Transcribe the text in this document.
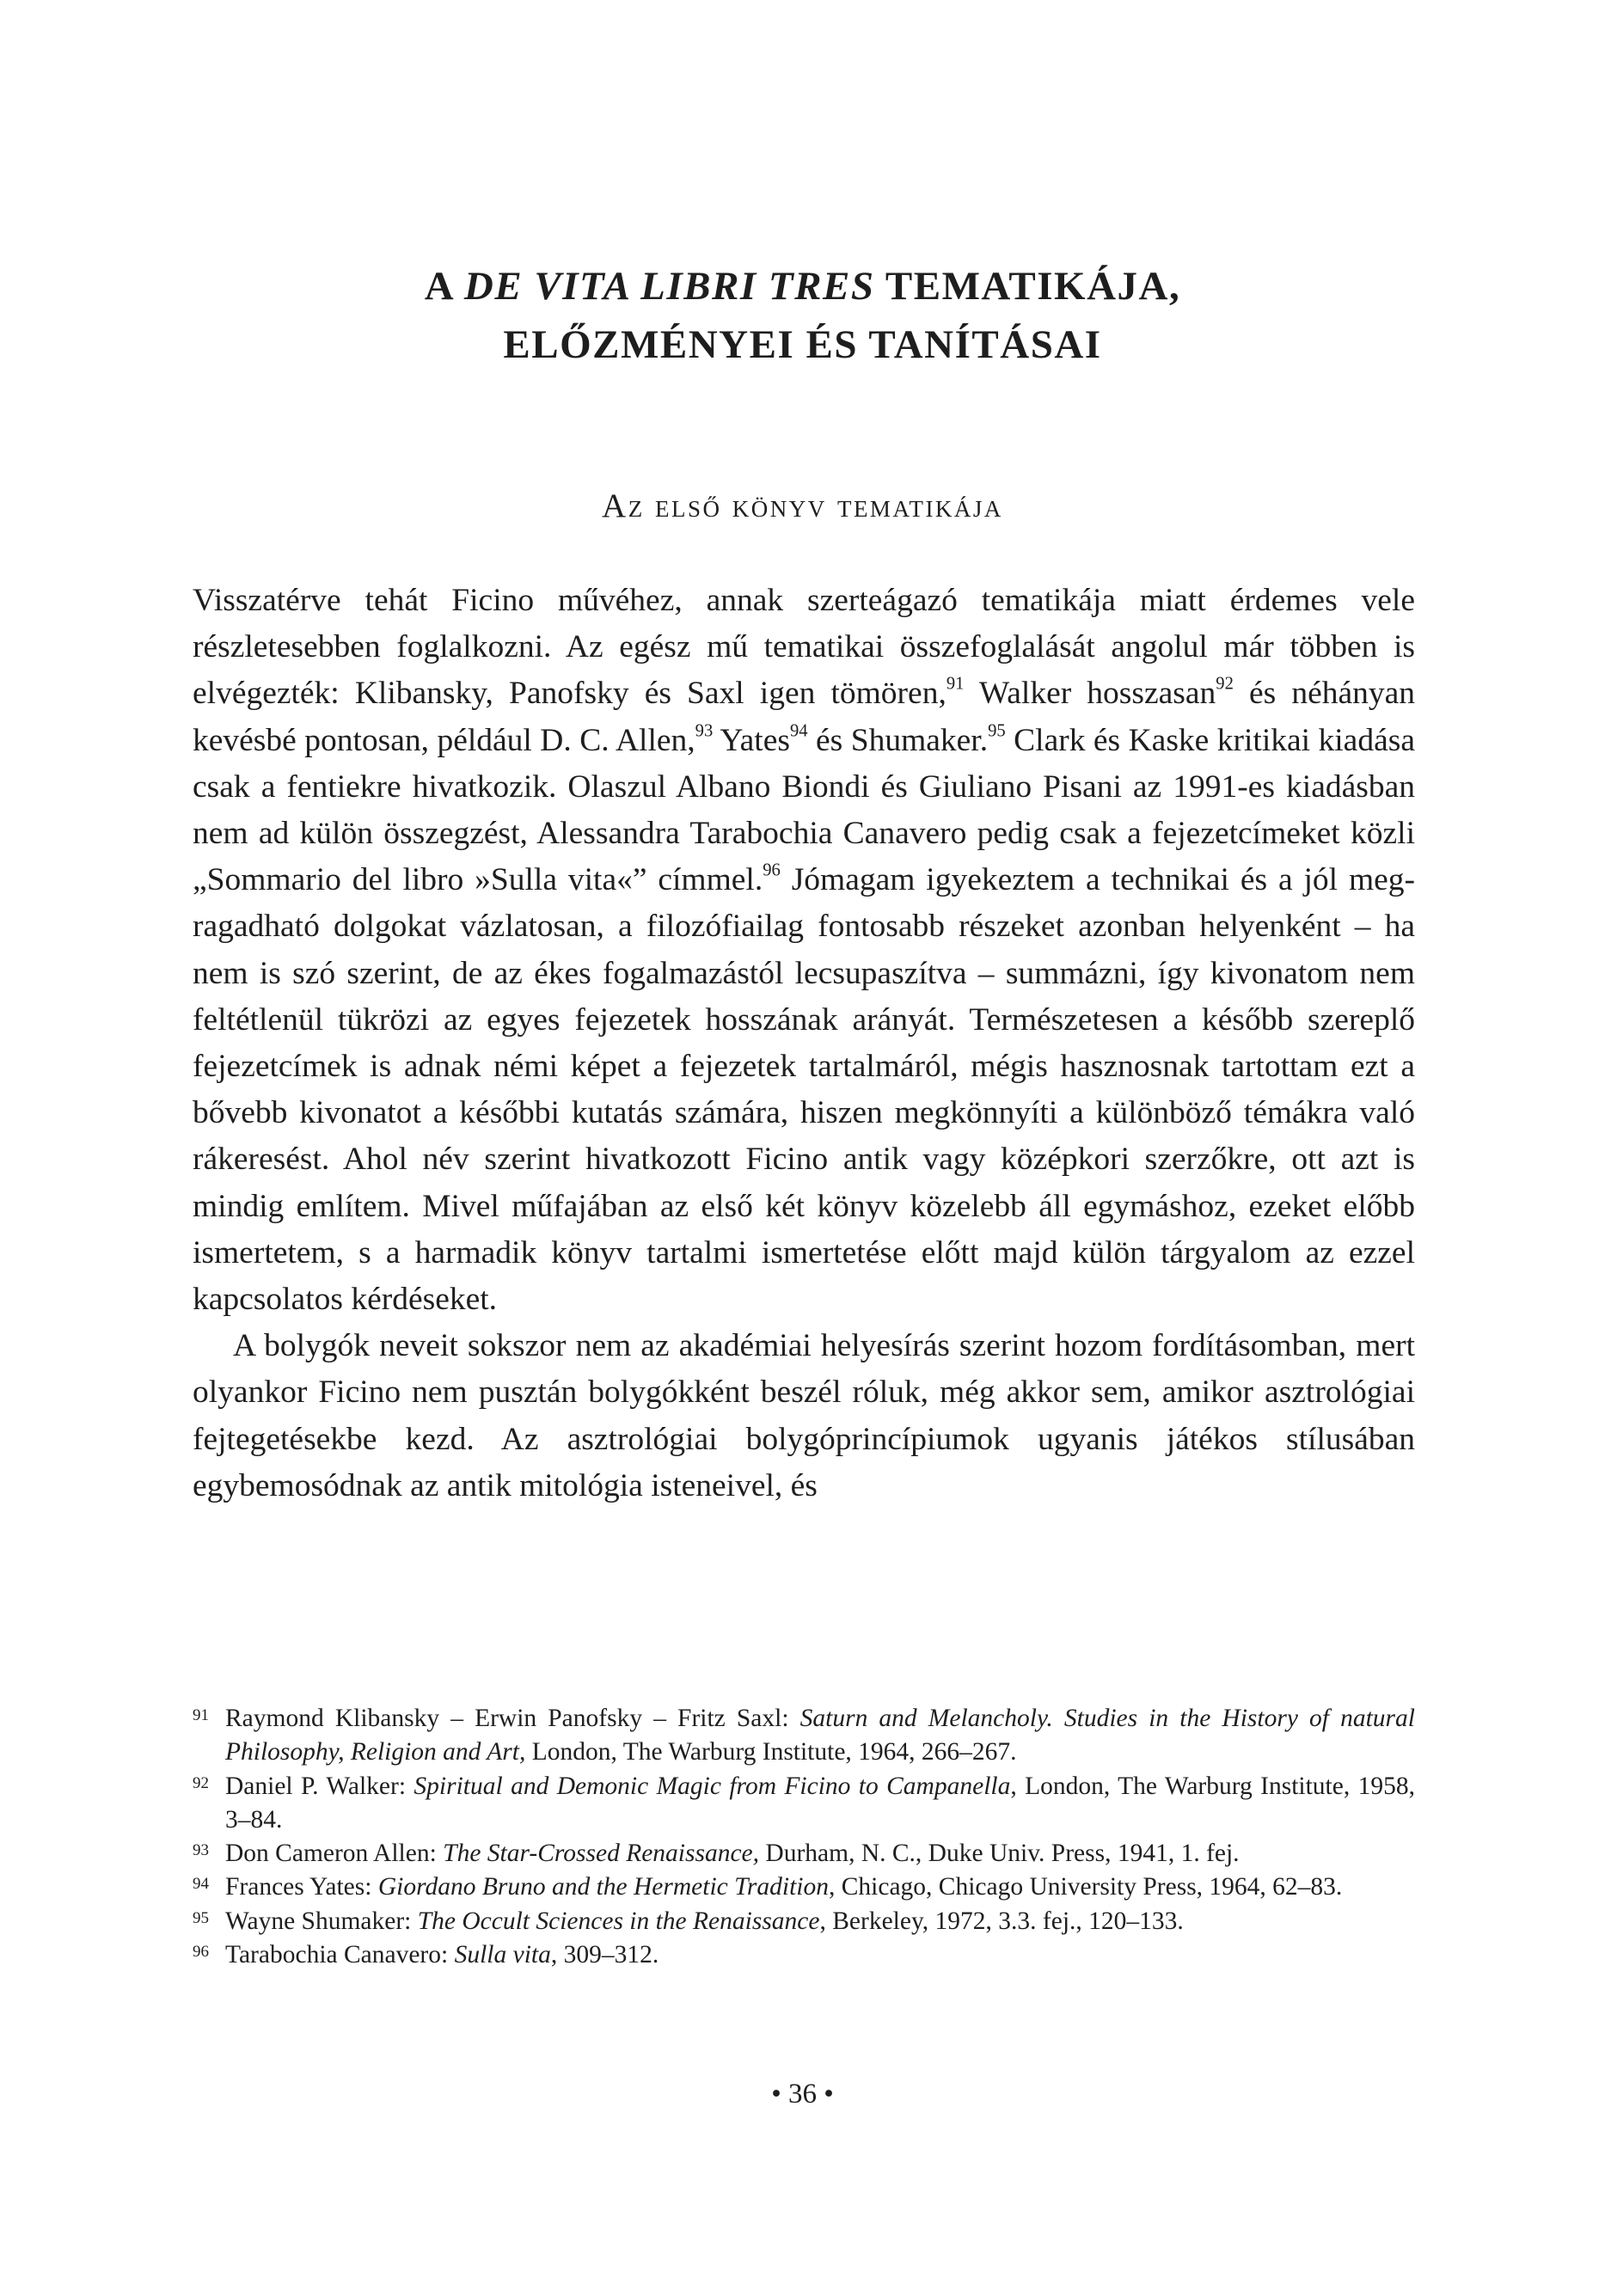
A DE VITA LIBRI TRES TEMATIKÁJA,
ELŐZMÉNYEI ÉS TANÍTÁSAI
Az első könyv tematikája

Visszatérve tehát Ficino művéhez, annak szerteágazó tematikája miatt érdemes vele részletesebben foglalkozni. Az egész mű tematikai összefoglalását angolul már többen is elvégezték: Klibansky, Panofsky és Saxl igen tömören,$^{91}$ Walker hosszasan$^{92}$ és néhányan kevésbé pontosan, például D. C. Allen,$^{93}$ Yates$^{94}$ és Shumaker.$^{95}$ Clark és Kaske kritikai kiadása csak a fentiekre hivatkozik. Olaszul Albano Biondi és Giuliano Pisani az 1991-es kiadásban nem ad külön összegzést, Alessandra Tarabochia Canavero pedig csak a fejezetcímeket közli „Sommario del libro »Sulla vita«” címmel.$^{96}$ Jómagam igyekeztem a technikai és a jól megragadható dolgokat vázlatosan, a filozófiailag fontosabb részeket azonban helyenként – ha nem is szó szerint, de az ékes fogalmazástól lecsupaszítva – summázni, így kivonatom nem feltétlenül tükrözi az egyes fejezetek hosszának arányát. Természetesen a később szereplő fejezetcímek is adnak némi képet a fejezetek tartalmáról, mégis hasznosnak tartottam ezt a bővebb kivonatot a későbbi kutatás számára, hiszen megkönnyíti a különböző témákra való rákeresést. Ahol név szerint hivatkozott Ficino antik vagy középkori szerzőkre, ott azt is mindig említem. Mivel műfajában az első két könyv közelebb áll egymáshoz, ezeket előbb ismertetem, s a harmadik könyv tartalmi ismertetése előtt majd külön tárgyalom az ezzel kapcsolatos kérdéseket.

A bolygók neveit sokszor nem az akadémiai helyesírás szerint hozom fordításomban, mert olyankor Ficino nem pusztán bolygókként beszél róluk, még akkor sem, amikor asztrológiai fejtegetésekbe kezd. Az asztrológiai bolygóprincípiumok ugyanis játékos stílusában egybemosódnak az antik mitológia isteneivel, és

91 Raymond Klibansky – Erwin Panofsky – Fritz Saxl: Saturn and Melancholy. Studies in the History of natural Philosophy, Religion and Art, London, The Warburg Institute, 1964, 266–267.
92 Daniel P. Walker: Spiritual and Demonic Magic from Ficino to Campanella, London, The Warburg Institute, 1958, 3–84.
93 Don Cameron Allen: The Star-Crossed Renaissance, Durham, N. C., Duke Univ. Press, 1941, 1. fej.
94 Frances Yates: Giordano Bruno and the Hermetic Tradition, Chicago, Chicago University Press, 1964, 62–83.
95 Wayne Shumaker: The Occult Sciences in the Renaissance, Berkeley, 1972, 3.3. fej., 120–133.
96 Tarabochia Canavero: Sulla vita, 309–312.
• 36 •
